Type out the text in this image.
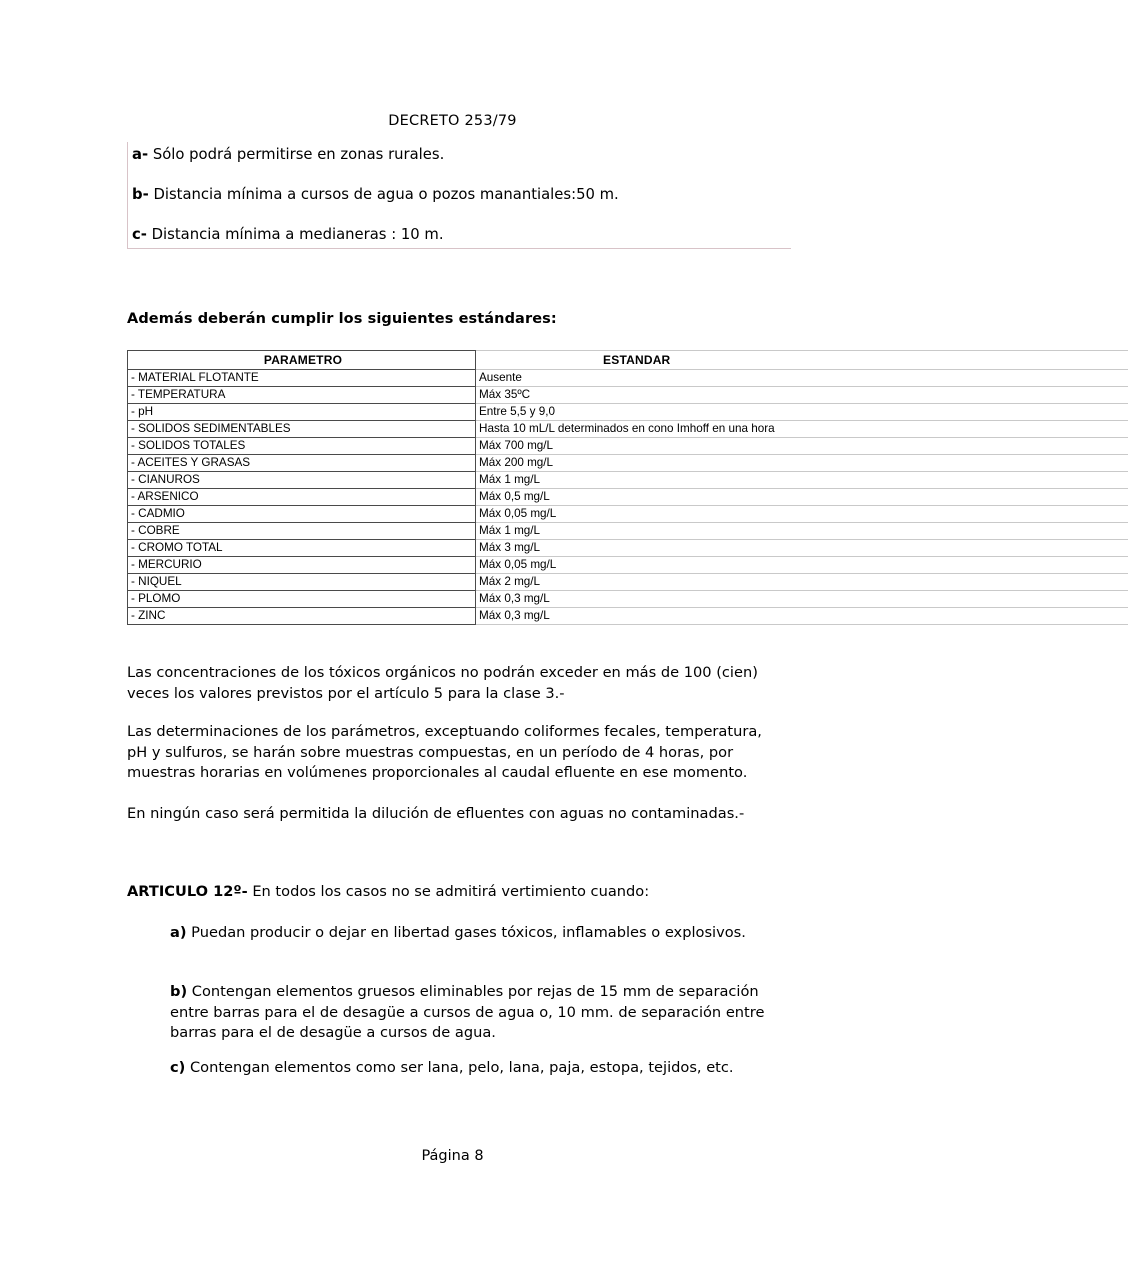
DECRETO 253/79
a- Sólo podrá permitirse en zonas rurales.
b- Distancia mínima a cursos de agua o pozos manantiales:50 m.
c- Distancia mínima a medianeras : 10 m.
Además deberán cumplir los siguientes estándares:
PARAMETRO	ESTANDAR
- MATERIAL FLOTANTE	Ausente
- TEMPERATURA	Máx 35ºC
- pH	Entre 5,5 y 9,0
- SOLIDOS SEDIMENTABLES	Hasta 10 mL/L determinados en cono Imhoff en una hora
- SOLIDOS TOTALES	Máx 700 mg/L
- ACEITES Y GRASAS	Máx 200 mg/L
- CIANUROS	Máx 1 mg/L
- ARSENICO	Máx 0,5 mg/L
- CADMIO	Máx 0,05 mg/L
- COBRE	Máx 1 mg/L
- CROMO TOTAL	Máx 3 mg/L
- MERCURIO	Máx 0,05 mg/L
- NIQUEL	Máx 2 mg/L
- PLOMO	Máx 0,3 mg/L
- ZINC	Máx 0,3 mg/L
Las concentraciones de los tóxicos orgánicos no podrán exceder en más de 100 (cien) veces los valores previstos por el artículo 5 para la clase 3.-
Las determinaciones de los parámetros, exceptuando coliformes fecales, temperatura, pH y sulfuros, se harán sobre muestras compuestas, en un período de 4 horas, por muestras horarias en volúmenes proporcionales al caudal efluente en ese momento.
En ningún caso será permitida la dilución de efluentes con aguas no contaminadas.-
ARTICULO 12º- En todos los casos no se admitirá vertimiento cuando:
a) Puedan producir o dejar en libertad gases tóxicos, inflamables o explosivos.
b) Contengan elementos gruesos eliminables por rejas de 15 mm de separación entre barras para el de desagüe a cursos de agua o, 10 mm. de separación entre barras para el de desagüe a cursos de agua.
c) Contengan elementos como ser lana, pelo, lana, paja, estopa, tejidos, etc.
Página 8
